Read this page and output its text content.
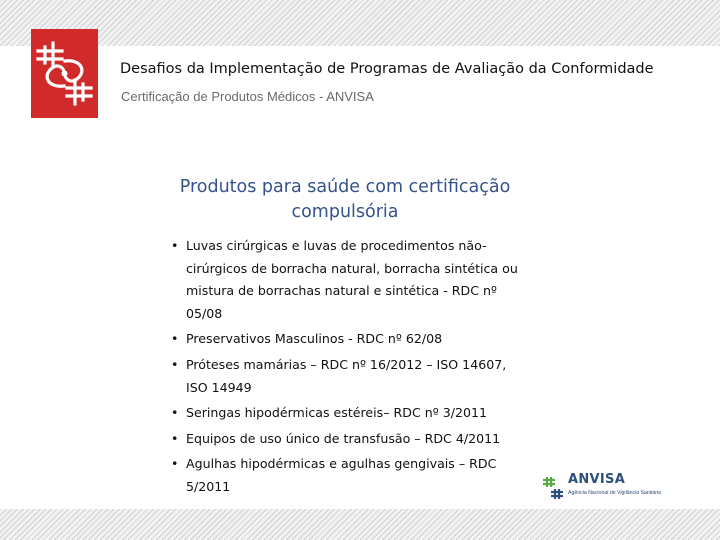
Desafios da Implementação de Programas de Avaliação da Conformidade
Certificação de Produtos Médicos - ANVISA
Produtos para saúde com certificação
compulsória
• Luvas cirúrgicas e luvas de procedimentos não-cirúrgicos de borracha natural, borracha sintética ou mistura de borrachas natural e sintética - RDC nº 05/08
• Preservativos Masculinos - RDC nº 62/08
• Próteses mamárias – RDC nº 16/2012 – ISO 14607, ISO 14949
• Seringas hipodérmicas estéreis– RDC nº 3/2011
• Equipos de uso único de transfusão – RDC 4/2011
• Agulhas hipodérmicas e agulhas gengivais – RDC 5/2011	ANVISA
Agência Nacional de Vigilância Sanitária
